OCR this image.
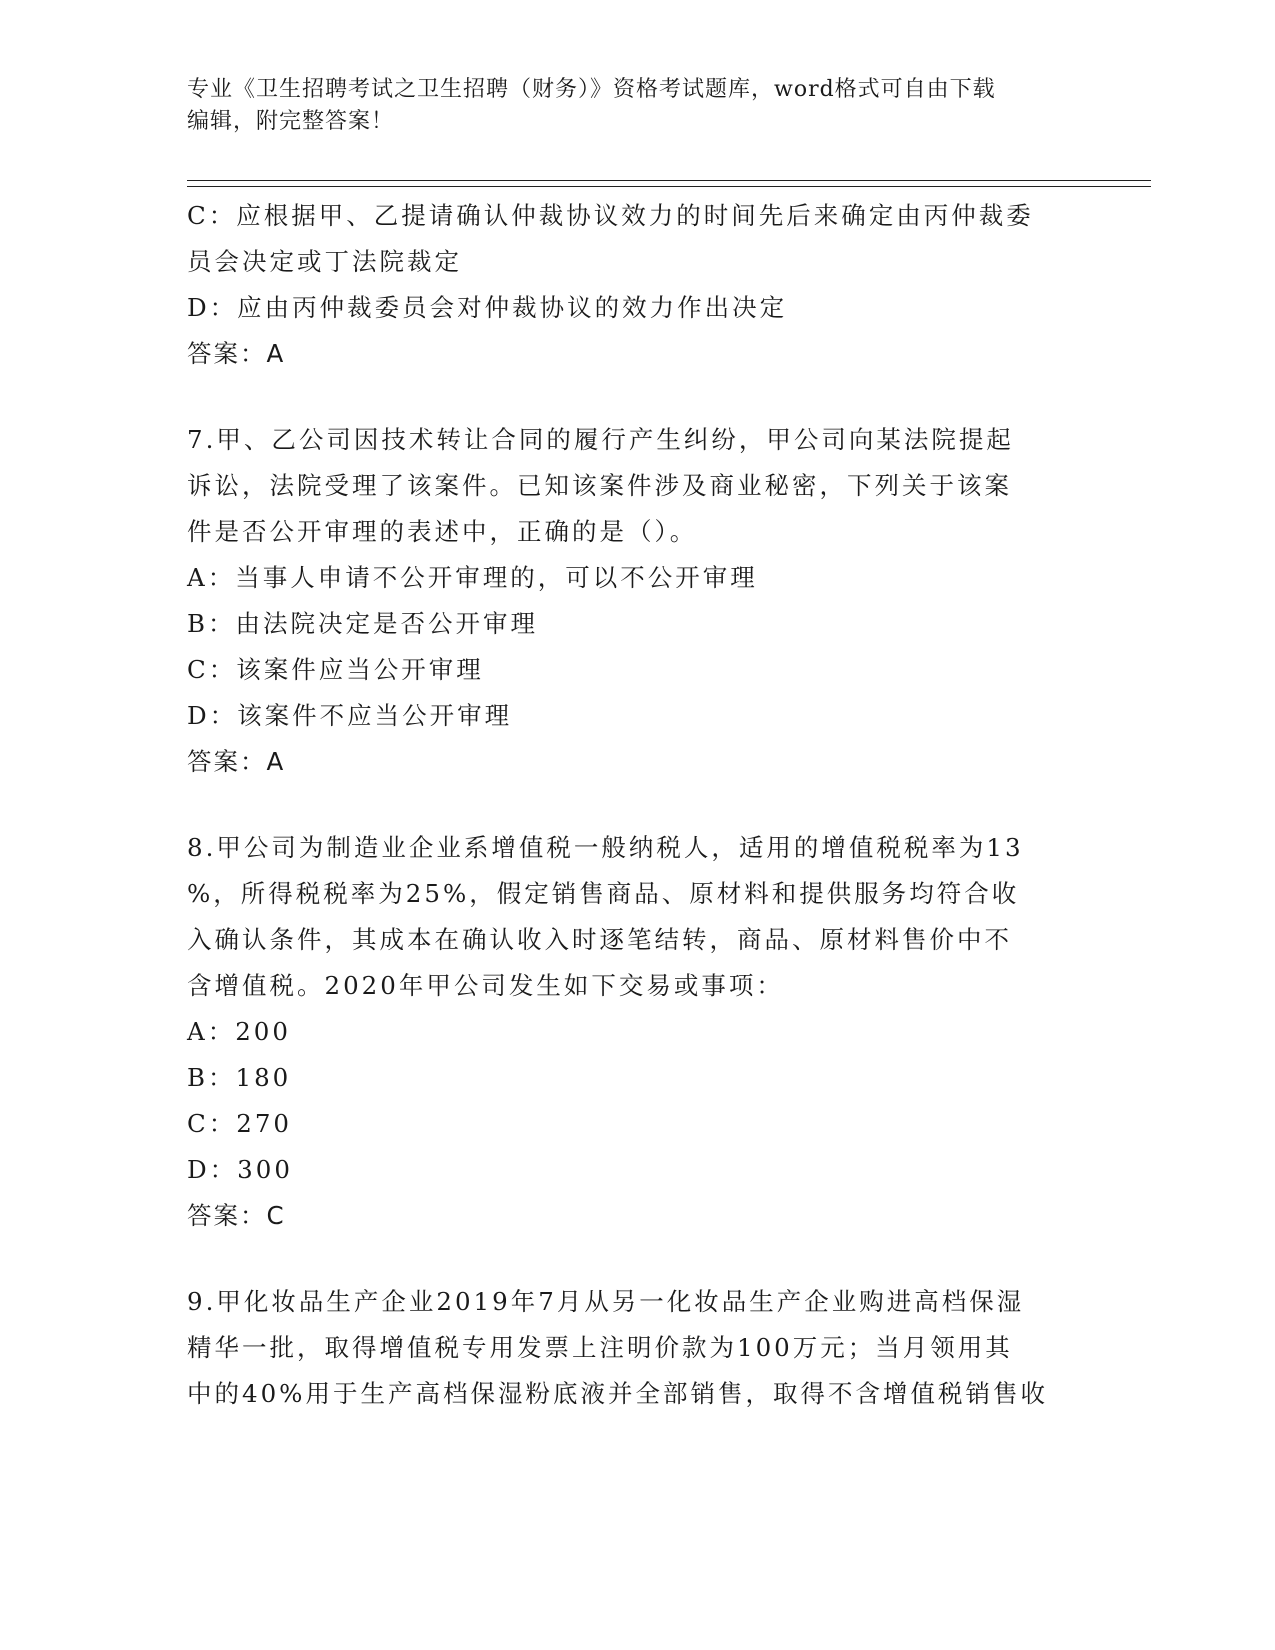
专业《卫生招聘考试之卫生招聘（财务）》资格考试题库，word格式可自由下载
编辑，附完整答案！
C：应根据甲、乙提请确认仲裁协议效力的时间先后来确定由丙仲裁委
员会决定或丁法院裁定
D：应由丙仲裁委员会对仲裁协议的效力作出决定
答案：A
7.甲、乙公司因技术转让合同的履行产生纠纷，甲公司向某法院提起
诉讼，法院受理了该案件。已知该案件涉及商业秘密，下列关于该案
件是否公开审理的表述中，正确的是（）。
A：当事人申请不公开审理的，可以不公开审理
B：由法院决定是否公开审理
C：该案件应当公开审理
D：该案件不应当公开审理
答案：A
8.甲公司为制造业企业系增值税一般纳税人，适用的增值税税率为13
%，所得税税率为25%，假定销售商品、原材料和提供服务均符合收
入确认条件，其成本在确认收入时逐笔结转，商品、原材料售价中不
含增值税。2020年甲公司发生如下交易或事项：
A：200
B：180
C：270
D：300
答案：C
9.甲化妆品生产企业2019年7月从另一化妆品生产企业购进高档保湿
精华一批，取得增值税专用发票上注明价款为100万元；当月领用其
中的40%用于生产高档保湿粉底液并全部销售，取得不含增值税销售收
